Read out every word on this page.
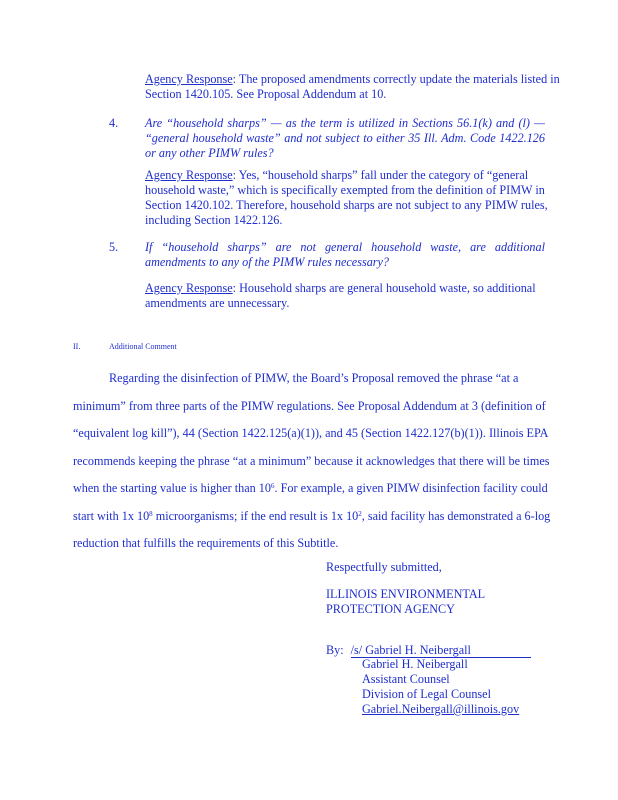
Agency Response: The proposed amendments correctly update the materials listed in Section 1420.105. See Proposal Addendum at 10.
4. Are “household sharps” — as the term is utilized in Sections 56.1(k) and (l) — “general household waste” and not subject to either 35 Ill. Adm. Code 1422.126 or any other PIMW rules?
Agency Response: Yes, “household sharps” fall under the category of “general household waste,” which is specifically exempted from the definition of PIMW in Section 1420.102. Therefore, household sharps are not subject to any PIMW rules, including Section 1422.126.
5. If “household sharps” are not general household waste, are additional amendments to any of the PIMW rules necessary?
Agency Response: Household sharps are general household waste, so additional amendments are unnecessary.
II.	Additional Comment
Regarding the disinfection of PIMW, the Board’s Proposal removed the phrase “at a
minimum” from three parts of the PIMW regulations. See Proposal Addendum at 3 (definition of
“equivalent log kill”), 44 (Section 1422.125(a)(1)), and 45 (Section 1422.127(b)(1)). Illinois EPA
recommends keeping the phrase “at a minimum” because it acknowledges that there will be times
when the starting value is higher than $10^6$. For example, a given PIMW disinfection facility could
start with 1x $10^8$ microorganisms; if the end result is 1x $10^2$, said facility has demonstrated a 6-log
reduction that fulfills the requirements of this Subtitle.
Respectfully submitted,
ILLINOIS ENVIRONMENTAL
PROTECTION AGENCY
By: /s/ Gabriel H. Neibergall
Gabriel H. Neibergall
Assistant Counsel
Division of Legal Counsel
Gabriel.Neibergall@illinois.gov
